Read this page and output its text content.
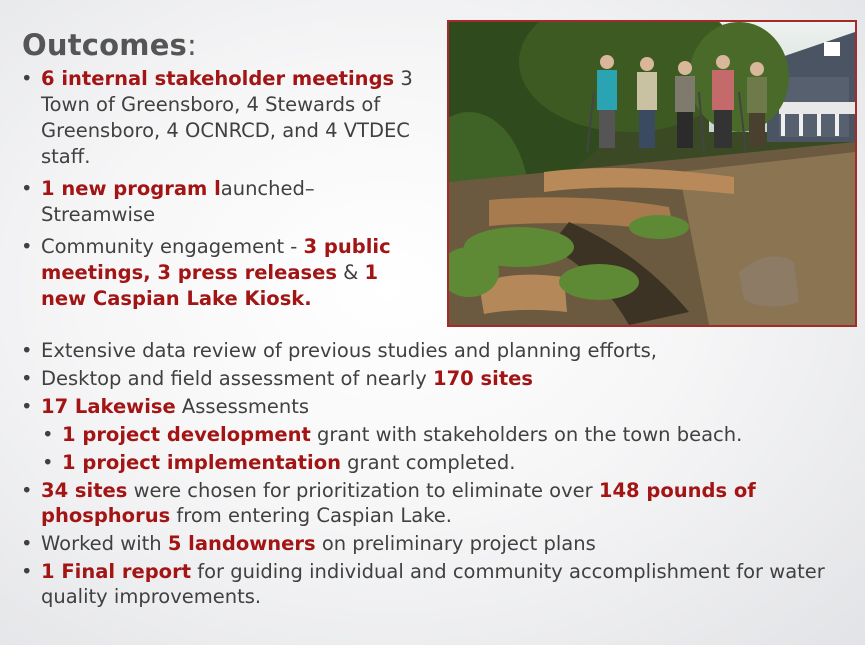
Outcomes:
• 6 internal stakeholder meetings 3 Town of Greensboro, 4 Stewards of Greensboro, 4 OCNRCD, and 4 VTDEC staff.
• 1 new program launched– Streamwise
• Community engagement - 3 public meetings, 3 press releases & 1 new Caspian Lake Kiosk.
• Extensive data review of previous studies and planning efforts,
• Desktop and field assessment of nearly 170 sites
• 17 Lakewise Assessments
• 1 project development grant with stakeholders on the town beach.
• 1 project implementation grant completed.
• 34 sites were chosen for prioritization to eliminate over 148 pounds of phosphorus from entering Caspian Lake.
• Worked with 5 landowners on preliminary project plans
• 1 Final report for guiding individual and community accomplishment for water quality improvements.
